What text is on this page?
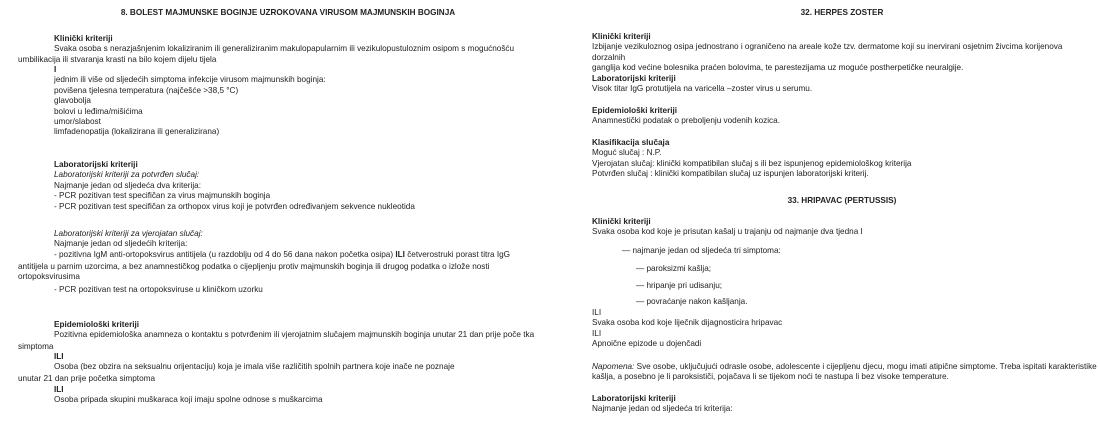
8. BOLEST MAJMUNSKE BOGINJE UZROKOVANA VIRUSOM MAJMUNSKIH BOGINJA
Klinički kriteriji
Svaka osoba s nerazjašnjenim lokaliziranim ili generaliziranim makulopapularnim ili vezikulopustuloznim osipom s mogućnošću
umbilikacija ili stvaranja krasti na bilo kojem dijelu tijela
I
jednim ili više od sljedećih simptoma infekcije virusom majmunskih boginja:
povišena tjelesna temperatura (najčešće >38,5 °C)
glavobolja
bolovi u leđima/mišićima
umor/slabost
limfadenopatija (lokalizirana ili generalizirana)
Laboratorijski kriteriji
Laboratorijski kriteriji za potvrđen slučaj:
Najmanje jedan od sljedeća dva kriterija:
- PCR pozitivan test specifičan za virus majmunskih boginja
- PCR pozitivan test specifičan za orthopox virus koji je potvrđen određivanjem sekvence nukleotida
Laboratorijski kriteriji za vjerojatan slučaj:
Najmanje jedan od sljedećih kriterija:
- pozitivna IgM anti-ortopoksvirus antitijela (u razdoblju od 4 do 56 dana nakon početka osipa) ILI četverostruki porast titra IgG
antitijela u parnim uzorcima, a bez anamnestičkog podatka o cijepljenju protiv majmunskih boginja ili drugog podatka o izlože nosti
ortopoksvirusima
- PCR pozitivan test na ortopoksviruse u kliničkom uzorku
Epidemiološki kriteriji
Pozitivna epidemiološka anamneza o kontaktu s potvrđenim ili vjerojatnim slučajem majmunskih boginja unutar 21 dan prije poče tka
simptoma
ILI
Osoba (bez obzira na seksualnu orijentaciju) koja je imala više različitih spolnih partnera koje inače ne poznaje
unutar 21 dan prije početka simptoma
ILI
Osoba pripada skupini muškaraca koji imaju spolne odnose s muškarcima
32. HERPES ZOSTER
Klinički kriteriji
Izbijanje vezikuloznog osipa jednostrano i ograničeno na areale kože tzv. dermatome koji su inervirani osjetnim živcima korijenova dorzalnih
ganglija kod većine bolesnika praćen bolovima, te parestezijama uz moguće postherpetičke neuralgije.
Laboratorijski kriteriji
Visok titar IgG protutijela na varicella –zoster virus u serumu.
Epidemiološki kriteriji
Anamnestički podatak o preboljenju vodenih kozica.
Klasifikacija slučaja
Moguć slučaj : N.P.
Vjerojatan slučaj: klinički kompatibilan slučaj s ili bez ispunjenog epidemiološkog kriterija
Potvrđen slučaj : klinički kompatibilan slučaj uz ispunjen laboratorijski kriterij.
33. HRIPAVAC (PERTUSSIS)
Klinički kriteriji
Svaka osoba kod koje je prisutan kašalj u trajanju od najmanje dva tjedna I
— najmanje jedan od sljedeća tri simptoma:
— paroksizmi kašlja;
— hripanje pri udisanju;
— povraćanje nakon kašljanja.
ILI
Svaka osoba kod koje liječnik dijagnosticira hripavac
ILI
Apnoične epizode u dojenčadi
Napomena: Sve osobe, uključujući odrasle osobe, adolescente i cijepljenu djecu, mogu imati atipične simptome. Treba ispitati karakteristike
kašlja, a posebno je li paroksističi, pojačava li se tijekom noći te nastupa li bez visoke temperature.
Laboratorijski kriteriji
Najmanje jedan od sljedeća tri kriterija:
